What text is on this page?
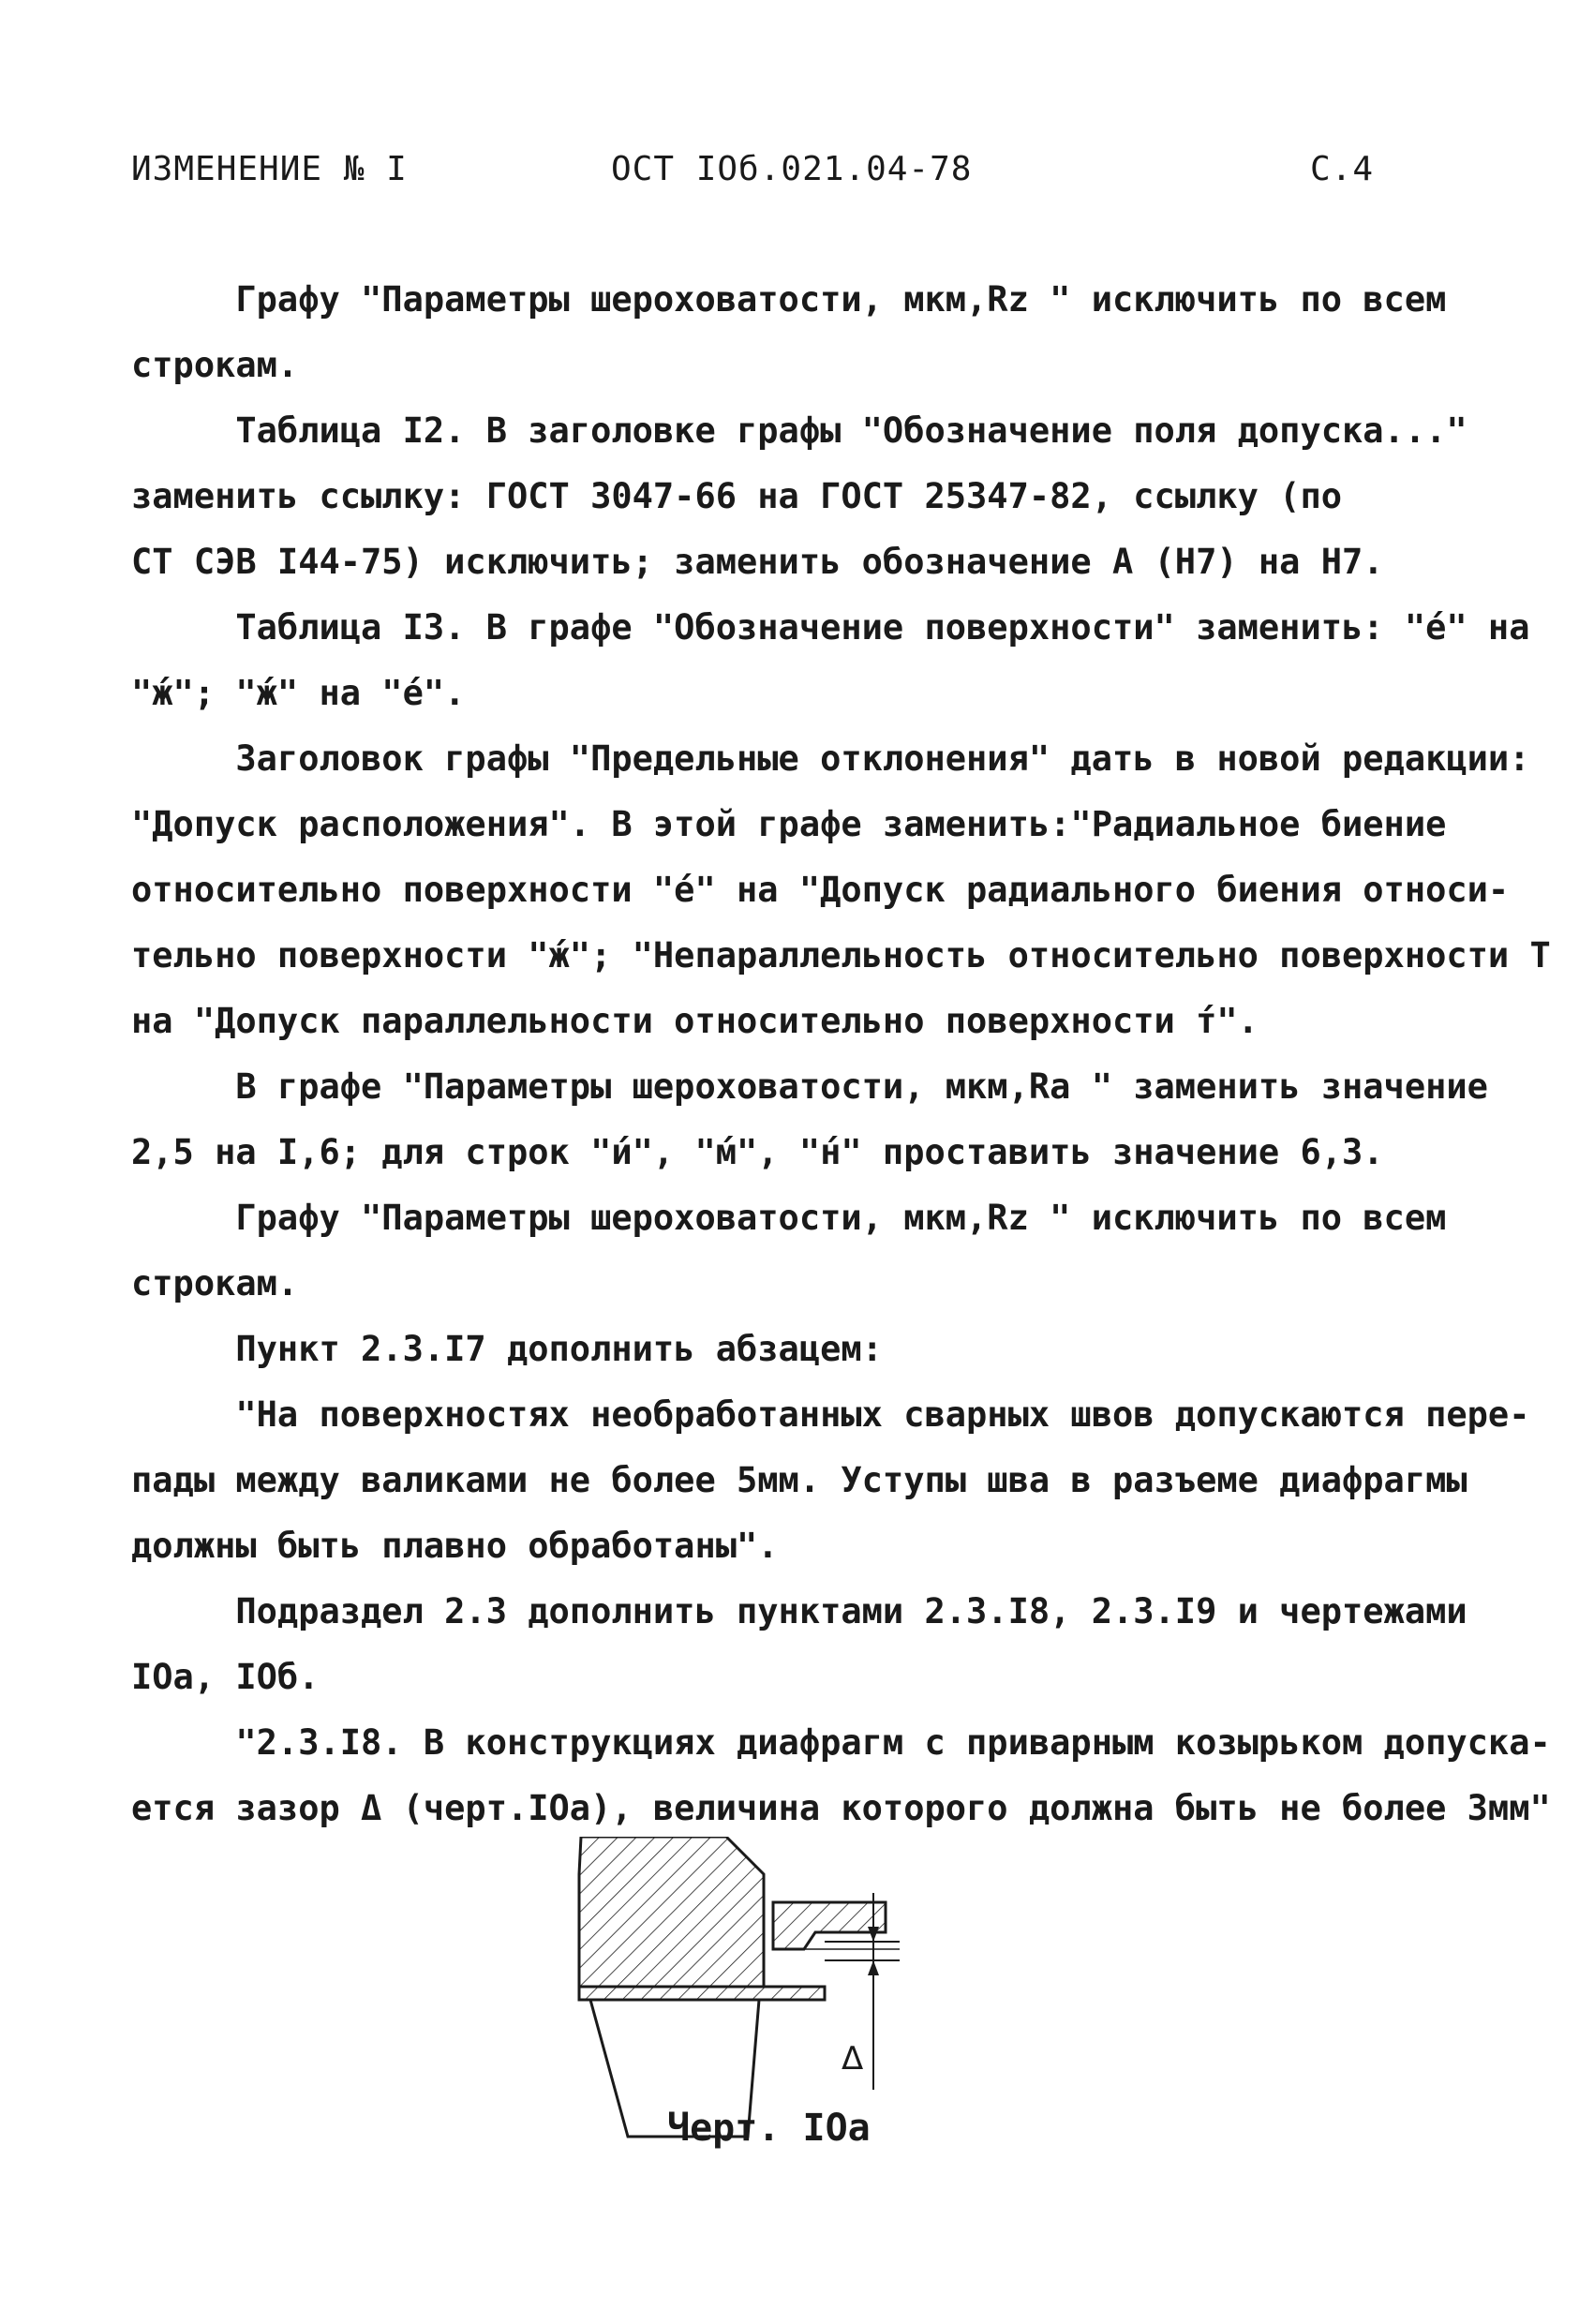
ИЗМЕНЕНИЕ № I	ОСТ IOб.021.04-78	С.4
Графу "Параметры шероховатости, мкм,Rz " исключить по всем
строкам.
Таблица I2. В заголовке графы "Обозначение поля допуска..."
заменить ссылку: ГОСТ 3047-66 на ГОСТ 25347-82, ссылку (по
СТ СЭВ I44-75) исключить; заменить обозначение А (Н7) на Н7.
Таблица I3. В графе "Обозначение поверхности" заменить: "е́" на
"ж́"; "ж́" на "е́".
Заголовок графы "Предельные отклонения" дать в новой редакции:
"Допуск расположения". В этой графе заменить:"Радиальное биение
относительно поверхности "е́" на "Допуск радиального биения относи-
тельно поверхности "ж́"; "Непараллельность относительно поверхности Т
на "Допуск параллельности относительно поверхности т́".
В графе "Параметры шероховатости, мкм,Ra " заменить значение
2,5 на I,6; для строк "и́", "м́", "н́" проставить значение 6,3.
Графу "Параметры шероховатости, мкм,Rz " исключить по всем
строкам.
Пункт 2.3.I7 дополнить абзацем:
"На поверхностях необработанных сварных швов допускаются пере-
пады между валиками не более 5мм. Уступы шва в разъеме диафрагмы
должны быть плавно обработаны".
Подраздел 2.3 дополнить пунктами 2.3.I8, 2.3.I9 и чертежами
IOа, IOб.
"2.3.I8. В конструкциях диафрагм с приварным козырьком допуска-
ется зазор Δ (черт.IOа), величина которого должна быть не более 3мм"
Δ
Черт. IOа
